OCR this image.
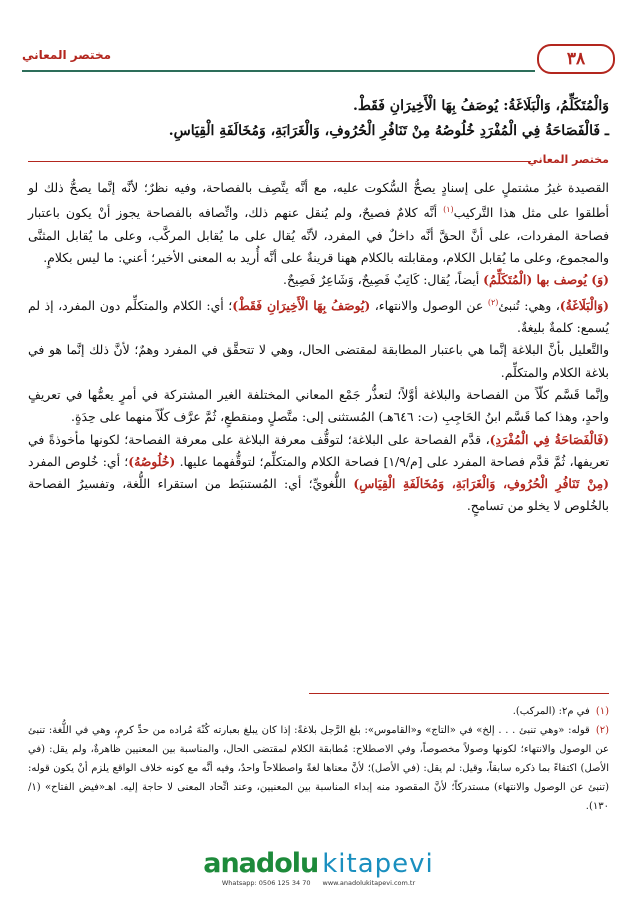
٣٨
مختصر المعاني

وَالْمُتَكَلِّمُ، وَالْبَلَاغَةُ: يُوصَفُ بِهَا الْأَخِيرَانِ فَقَطْ.

ـ فَالْفَصَاحَةُ فِي الْمُفْرَدِ خُلُوصُهُ مِنْ تَنَافُرِ الْحُرُوفِ، وَالْغَرَابَةِ، وَمُخَالَفَةِ الْقِيَاسِ.

مختصر المعاني

القصيدة غيرُ مشتملٍ على إسنادٍ يصحُّ السُّكوت عليه، مع أنَّه يتَّصِف بالفصاحة، وفيه نظرٌ؛ لأنَّه إنَّما يصحُّ ذلك لو أطلقوا على مثل هذا التَّركيب$^{(١)}$ أنَّه كلامٌ فصيحٌ، ولم يُنقل عنهم ذلك، واتِّصافه بالفصاحة يجوز أنْ يكون باعتبار فصاحة المفردات، على أنَّ الحقَّ أنَّه داخلٌ في المفرد، لأنَّه يُقال على ما يُقابل المركَّب، وعلى ما يُقابل المثنَّى والمجموع، وعلى ما يُقابل الكلام، ومقابلته بالكلام ههنا قرينةٌ على أنَّه أُريد به المعنى الأخير؛ أعني: ما ليس بكلامٍ.

(وَ) يُوصف بها (الْمُتَكَلِّمُ) أيضاً، يُقال: كَاتِبٌ فَصِيحٌ، وَشَاعِرٌ فَصِيحٌ.

(وَالْبَلَاغَةُ)، وهي: تُنبئ$^{(٢)}$ عن الوصول والانتهاء، (يُوصَفُ بِهَا الْأَخِيرَانِ فَقَطْ)؛ أي: الكلام والمتكلِّم دون المفرد، إذ لم يُسمع: كلمةٌ بليغةٌ.

والتَّعليل بأنَّ البلاغة إنَّما هي باعتبار المطابقة لمقتضى الحال، وهي لا تتحقَّق في المفرد وهمٌ؛ لأنَّ ذلك إنَّما هو في بلاغة الكلام والمتكلِّم.

وإنَّما قَسَّم كلّاً من الفصاحة والبلاغة أوَّلاً؛ لتعذُّر جَمْع المعاني المختلفة الغير المشتركة في أمرٍ يعمُّها في تعريفٍ واحدٍ، وهذا كما قَسَّم ابنُ الحَاجِبِ (ت: ٦٤٦هـ) المُستثنى إلى: متَّصلٍ ومنقطعٍ، ثُمَّ عرَّف كلّاً منهما على حِدَةٍ.

(فَالْفَصَاحَةُ فِي الْمُفْرَدِ)، قدَّم الفصاحة على البلاغة؛ لتوقُّف معرفة البلاغة على معرفة الفصاحة؛ لكونها مأخوذةً في تعريفها، ثُمَّ قدَّم فصاحة المفرد على [م/١/٩] فصاحة الكلام والمتكلِّم؛ لتوقُّفهما عليها. (خُلُوصُهُ)؛ أي: خُلوص المفرد (مِنْ تَنَافُرِ الْحُرُوفِ، وَالْغَرَابَةِ، وَمُخَالَفَةِ الْقِيَاسِ) اللُّغويِّ؛ أي: المُستنبَط من استقراء اللُّغة، وتفسيرُ الفصاحة بالخُلوص لا يخلو من تسامحٍ.

(١)في م٢: (المركب).

(٢)قوله: «وهي تنبئ . . . إلخ» في «التاج» و«القاموس»: بلغ الرَّجل بلاغةً: إذا كان يبلغ بعبارته كُنْهَ مُراده من حدِّ كرمٍ، وهي في اللُّغة: تنبئ عن الوصول والانتهاء؛ لكونها وصولاً مخصوصاً، وفي الاصطلاح: مُطابقة الكلام لمقتضى الحال، والمناسبة بين المعنيين ظاهرةٌ، ولم يقل: (في الأصل) اكتفاءً بما ذكره سابقاً، وقيل: لم يقل: (في الأصل)؛ لأنَّ معناها لغةً واصطلاحاً واحدٌ، وفيه أنَّه مع كونه خلاف الواقع يلزم أنْ يكون قوله: (تنبئ عن الوصول والانتهاء) مستدركاً؛ لأنَّ المقصود منه إبداء المناسبة بين المعنيين، وعند اتِّحاد المعنى لا حاجة إليه. اهـ«فيض الفتاح» (١/ ١٣٠).

anadolu kitapevi
Whatsapp: 0506 125 34 70 www.anadolukitapevi.com.tr
